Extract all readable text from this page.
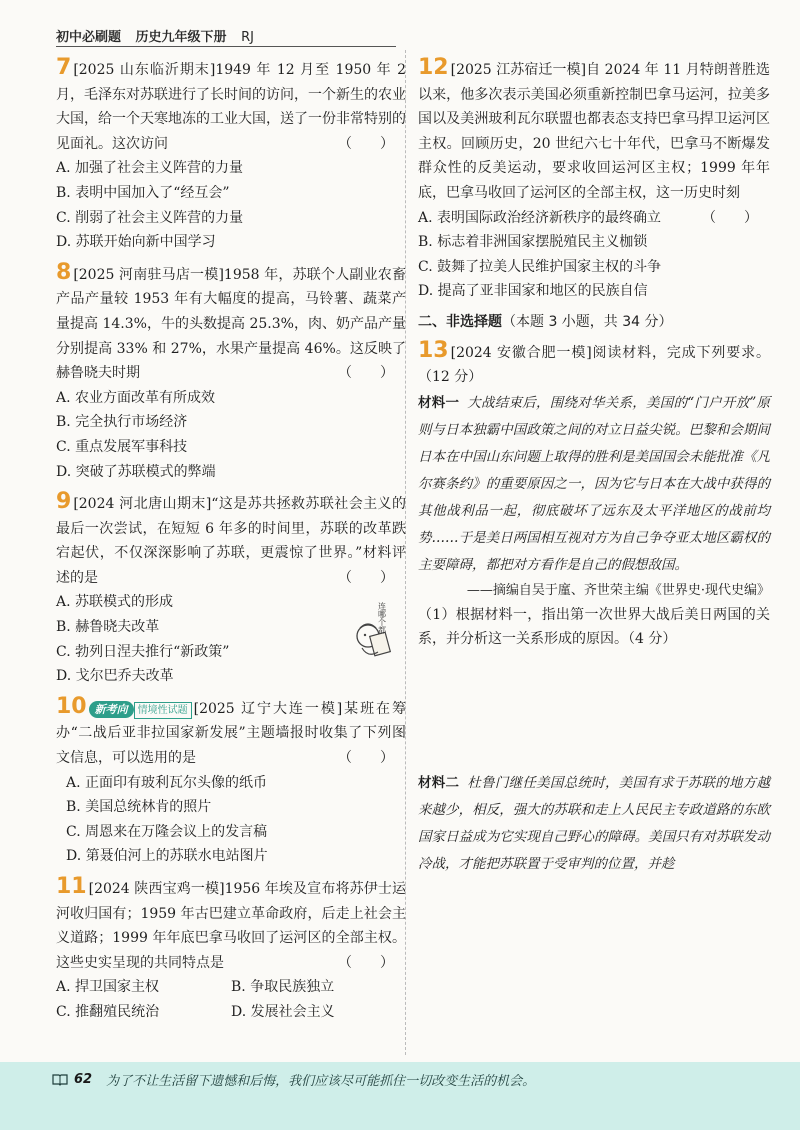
初中必刷题 历史九年级下册 RJ
7 [2025 山东临沂期末]1949 年 12 月至 1950 年 2 月，毛泽东对苏联进行了长时间的访问，一个新生的农业大国，给一个天寒地冻的工业大国，送了一份非常特别的见面礼。这次访问	（　　）
A. 加强了社会主义阵营的力量
B. 表明中国加入了“经互会”
C. 削弱了社会主义阵营的力量
D. 苏联开始向新中国学习
8 [2025 河南驻马店一模]1958 年，苏联个人副业农畜产品产量较 1953 年有大幅度的提高，马铃薯、蔬菜产量提高 14.3%，牛的头数提高 25.3%，肉、奶产品产量分别提高 33% 和 27%，水果产量提高 46%。这反映了赫鲁晓夫时期	（　　）
A. 农业方面改革有所成效
B. 完全执行市场经济
C. 重点发展军事科技
D. 突破了苏联模式的弊端
9 [2024 河北唐山期末]“这是苏共拯救苏联社会主义的最后一次尝试，在短短 6 年多的时间里，苏联的改革跌宕起伏，不仅深深影响了苏联，更震惊了世界。”材料评述的是	（　　）
A. 苏联模式的形成
B. 赫鲁晓夫改革
C. 勃列日涅夫推行“新政策”
D. 戈尔巴乔夫改革
10 新考向 情境性试题 [2025 辽宁大连一模]某班在筹办“二战后亚非拉国家新发展”主题墙报时收集了下列图文信息，可以选用的是	（　　）
A. 正面印有玻利瓦尔头像的纸币
B. 美国总统林肯的照片
C. 周恩来在万隆会议上的发言稿
D. 第聂伯河上的苏联水电站图片
11 [2024 陕西宝鸡一模]1956 年埃及宣布将苏伊士运河收归国有；1959 年古巴建立革命政府，后走上社会主义道路；1999 年年底巴拿马收回了运河区的全部主权。这些史实呈现的共同特点是	（　　）
A. 捍卫国家主权	B. 争取民族独立
C. 推翻殖民统治	D. 发展社会主义
连哪个都
12 [2025 江苏宿迁一模]自 2024 年 11 月特朗普胜选以来，他多次表示美国必须重新控制巴拿马运河，拉美多国以及美洲玻利瓦尔联盟也都表态支持巴拿马捍卫运河区主权。回顾历史，20 世纪六七十年代，巴拿马不断爆发群众性的反美运动，要求收回运河区主权；1999 年年底，巴拿马收回了运河区的全部主权，这一历史时刻
（　　）
A. 表明国际政治经济新秩序的最终确立
B. 标志着非洲国家摆脱殖民主义枷锁
C. 鼓舞了拉美人民维护国家主权的斗争
D. 提高了亚非国家和地区的民族自信
二、非选择题（本题 3 小题，共 34 分）
13 [2024 安徽合肥一模]阅读材料，完成下列要求。（12 分）
材料一 大战结束后，围绕对华关系，美国的“门户开放”原则与日本独霸中国政策之间的对立日益尖锐。巴黎和会期间日本在中国山东问题上取得的胜利是美国国会未能批准《凡尔赛条约》的重要原因之一，因为它与日本在大战中获得的其他战利品一起，彻底破坏了远东及太平洋地区的战前均势……于是美日两国相互视对方为自己争夺亚太地区霸权的主要障碍，都把对方看作是自己的假想敌国。
——摘编自吴于廑、齐世荣主编《世界史·现代史编》
（1）根据材料一，指出第一次世界大战后美日两国的关系，并分析这一关系形成的原因。（4 分）
材料二 杜鲁门继任美国总统时，美国有求于苏联的地方越来越少，相反，强大的苏联和走上人民民主专政道路的东欧国家日益成为它实现自己野心的障碍。美国只有对苏联发动冷战，才能把苏联置于受审判的位置，并趁
62 为了不让生活留下遗憾和后悔，我们应该尽可能抓住一切改变生活的机会。
